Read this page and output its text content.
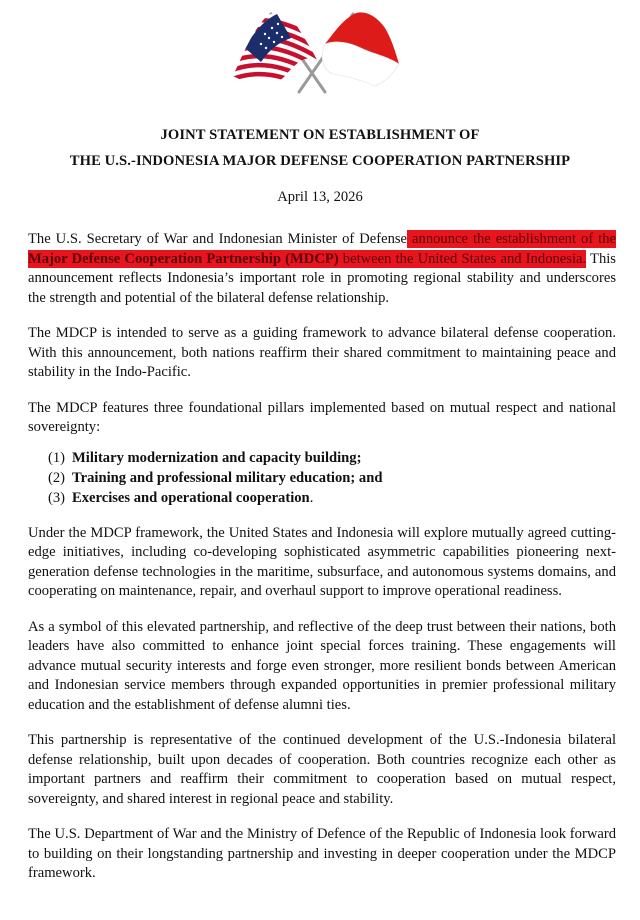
JOINT STATEMENT ON ESTABLISHMENT OF
THE U.S.-INDONESIA MAJOR DEFENSE COOPERATION PARTNERSHIP
April 13, 2026

The U.S. Secretary of War and Indonesian Minister of Defense announce the establishment of the Major Defense Cooperation Partnership (MDCP) between the United States and Indonesia. This announcement reflects Indonesia’s important role in promoting regional stability and underscores the strength and potential of the bilateral defense relationship.

The MDCP is intended to serve as a guiding framework to advance bilateral defense cooperation. With this announcement, both nations reaffirm their shared commitment to maintaining peace and stability in the Indo-Pacific.

The MDCP features three foundational pillars implemented based on mutual respect and national sovereignty:

(1) Military modernization and capacity building;
(2) Training and professional military education; and
(3) Exercises and operational cooperation.

Under the MDCP framework, the United States and Indonesia will explore mutually agreed cutting-edge initiatives, including co-developing sophisticated asymmetric capabilities pioneering next-generation defense technologies in the maritime, subsurface, and autonomous systems domains, and cooperating on maintenance, repair, and overhaul support to improve operational readiness.

As a symbol of this elevated partnership, and reflective of the deep trust between their nations, both leaders have also committed to enhance joint special forces training. These engagements will advance mutual security interests and forge even stronger, more resilient bonds between American and Indonesian service members through expanded opportunities in premier professional military education and the establishment of defense alumni ties.

This partnership is representative of the continued development of the U.S.-Indonesia bilateral defense relationship, built upon decades of cooperation. Both countries recognize each other as important partners and reaffirm their commitment to cooperation based on mutual respect, sovereignty, and shared interest in regional peace and stability.

The U.S. Department of War and the Ministry of Defence of the Republic of Indonesia look forward to building on their longstanding partnership and investing in deeper cooperation under the MDCP framework.
